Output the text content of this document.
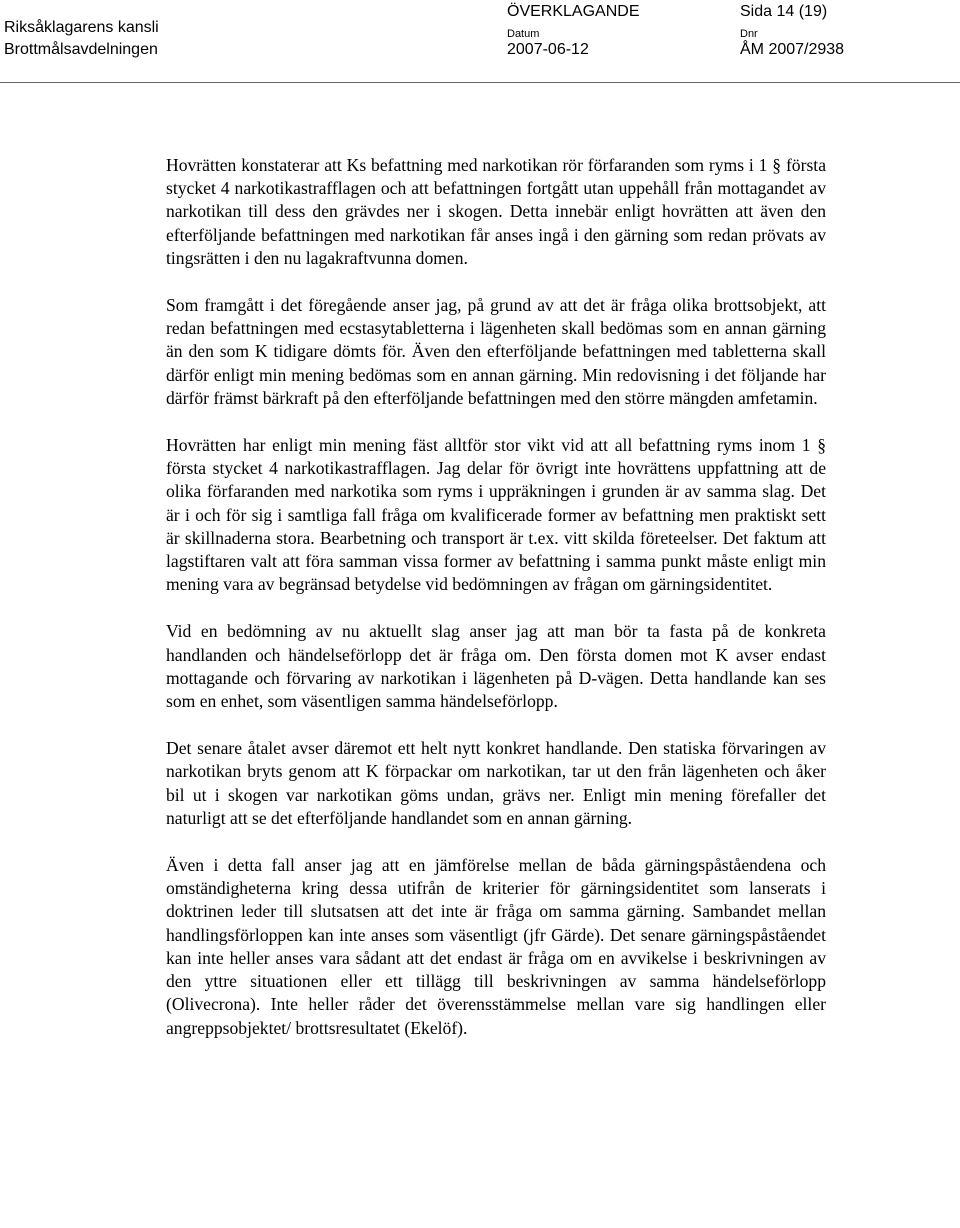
Riksåklagarens kansli
Brottmålsavdelningen
ÖVERKLAGANDE	Sida 14 (19)
Datum
2007-06-12
Dnr
ÅM 2007/2938

Hovrätten konstaterar att Ks befattning med narkotikan rör förfaranden som ryms i 1 § första stycket 4 narkotikastrafflagen och att befattningen fortgått utan uppehåll från mottagandet av narkotikan till dess den grävdes ner i skogen. Detta innebär enligt hovrätten att även den efterföljande befattningen med narkotikan får anses ingå i den gärning som redan prövats av tingsrätten i den nu lagakraftvunna domen.

Som framgått i det föregående anser jag, på grund av att det är fråga olika brottsobjekt, att redan befattningen med ecstasytabletterna i lägenheten skall bedömas som en annan gärning än den som K tidigare dömts för. Även den efterföljande befattningen med tabletterna skall därför enligt min mening bedömas som en annan gärning. Min redovisning i det följande har därför främst bärkraft på den efterföljande befattningen med den större mängden amfetamin.

Hovrätten har enligt min mening fäst alltför stor vikt vid att all befattning ryms inom 1 § första stycket 4 narkotikastrafflagen. Jag delar för övrigt inte hovrättens uppfattning att de olika förfaranden med narkotika som ryms i uppräkningen i grunden är av samma slag. Det är i och för sig i samtliga fall fråga om kvalificerade former av befattning men praktiskt sett är skillnaderna stora. Bearbetning och transport är t.ex. vitt skilda företeelser. Det faktum att lagstiftaren valt att föra samman vissa former av befattning i samma punkt måste enligt min mening vara av begränsad betydelse vid bedömningen av frågan om gärningsidentitet.

Vid en bedömning av nu aktuellt slag anser jag att man bör ta fasta på de konkreta handlanden och händelseförlopp det är fråga om. Den första domen mot K avser endast mottagande och förvaring av narkotikan i lägenheten på D-vägen. Detta handlande kan ses som en enhet, som väsentligen samma händelseförlopp.

Det senare åtalet avser däremot ett helt nytt konkret handlande. Den statiska förvaringen av narkotikan bryts genom att K förpackar om narkotikan, tar ut den från lägenheten och åker bil ut i skogen var narkotikan göms undan, grävs ner. Enligt min mening förefaller det naturligt att se det efterföljande handlandet som en annan gärning.

Även i detta fall anser jag att en jämförelse mellan de båda gärningspåståendena och omständigheterna kring dessa utifrån de kriterier för gärningsidentitet som lanserats i doktrinen leder till slutsatsen att det inte är fråga om samma gärning. Sambandet mellan handlingsförloppen kan inte anses som väsentligt (jfr Gärde). Det senare gärningspåståendet kan inte heller anses vara sådant att det endast är fråga om en avvikelse i beskrivningen av den yttre situationen eller ett tillägg till beskrivningen av samma händelseförlopp (Olivecrona). Inte heller råder det överensstämmelse mellan vare sig handlingen eller angreppsobjektet/ brottsresultatet (Ekelöf).
